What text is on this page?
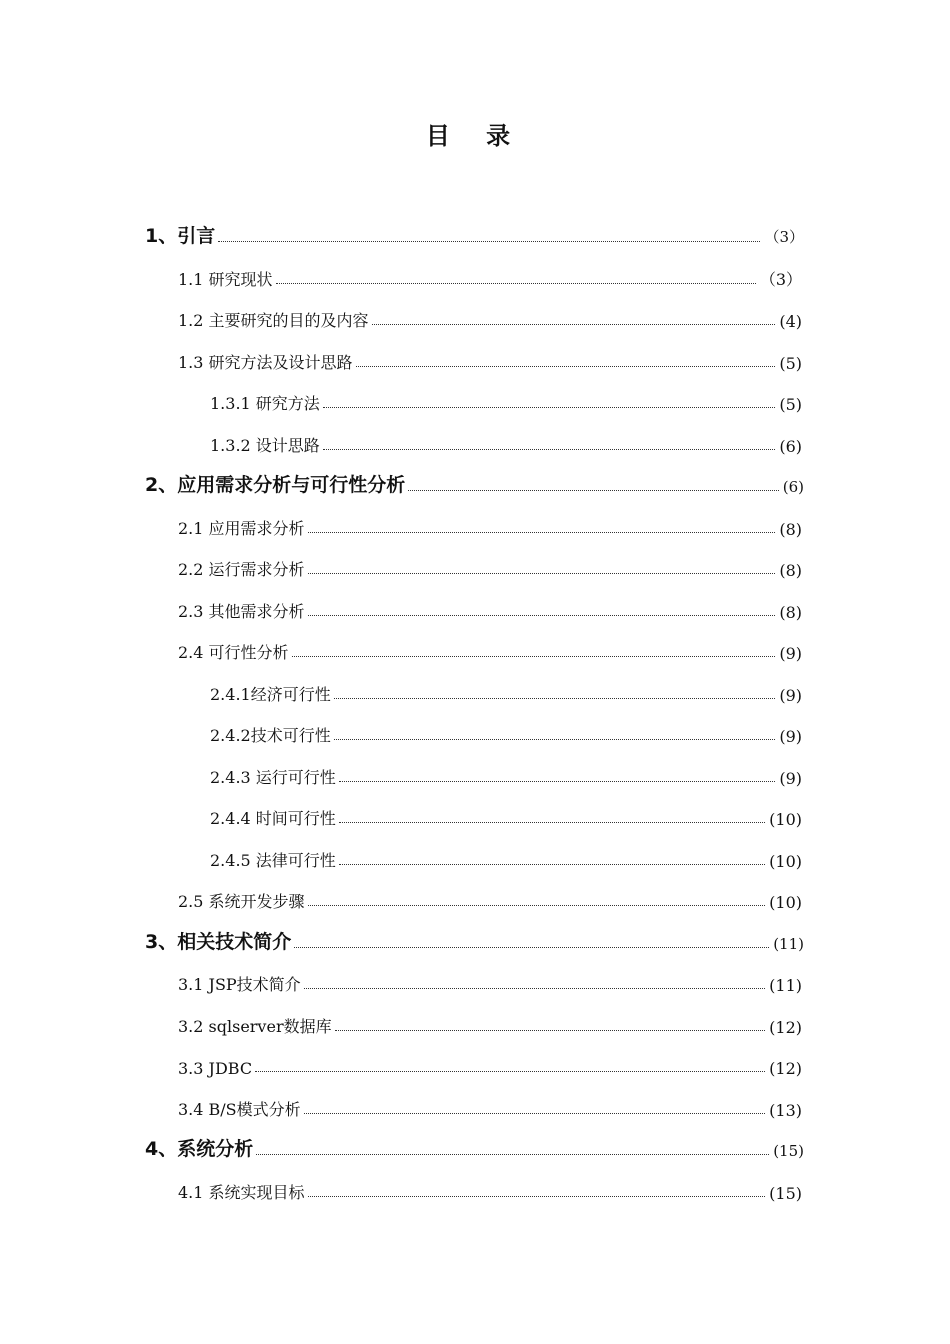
目 录
1、引言	（3）
1.1 研究现状	（3）
1.2 主要研究的目的及内容	(4)
1.3 研究方法及设计思路	(5)
1.3.1 研究方法	(5)
1.3.2 设计思路	(6)
2、应用需求分析与可行性分析	(6)
2.1 应用需求分析	(8)
2.2 运行需求分析	(8)
2.3 其他需求分析	(8)
2.4 可行性分析	(9)
2.4.1经济可行性	(9)
2.4.2技术可行性	(9)
2.4.3 运行可行性	(9)
2.4.4 时间可行性	(10)
2.4.5 法律可行性	(10)
2.5 系统开发步骤	(10)
3、相关技术简介	(11)
3.1 JSP技术简介	(11)
3.2 sqlserver数据库	(12)
3.3 JDBC	(12)
3.4 B/S模式分析	(13)
4、系统分析	(15)
4.1 系统实现目标	(15)
